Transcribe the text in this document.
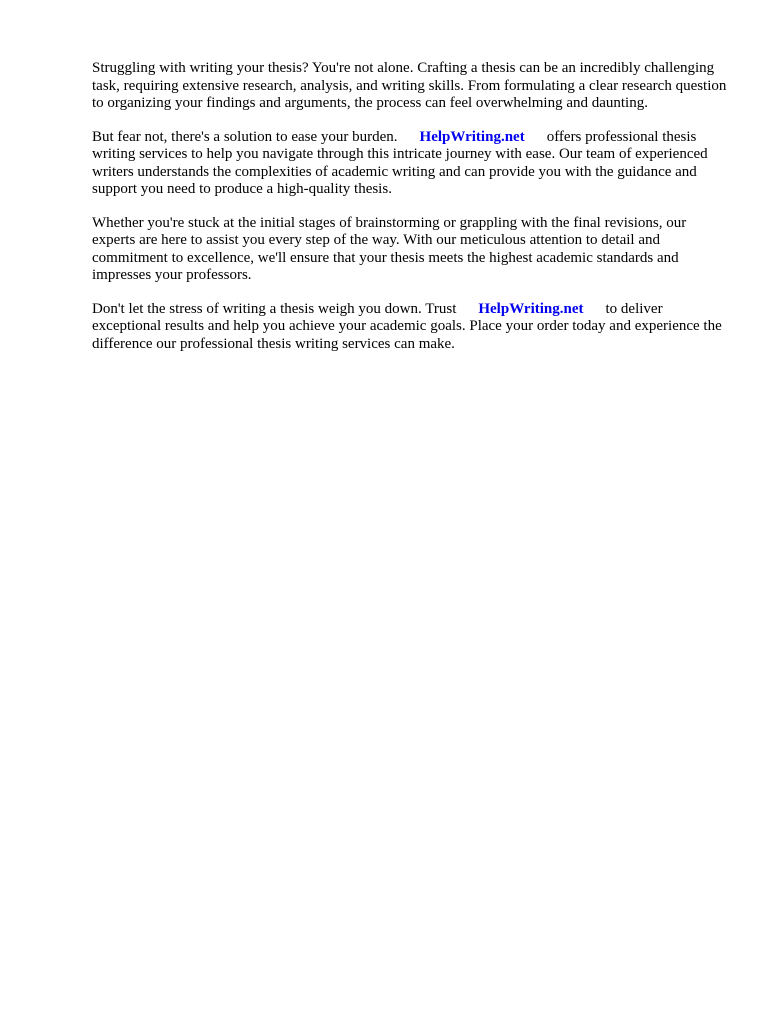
Struggling with writing your thesis? You're not alone. Crafting a thesis can be an incredibly challenging task, requiring extensive research, analysis, and writing skills. From formulating a clear research question to organizing your findings and arguments, the process can feel overwhelming and daunting.

But fear not, there's a solution to ease your burden. HelpWriting.net offers professional thesis writing services to help you navigate through this intricate journey with ease. Our team of experienced writers understands the complexities of academic writing and can provide you with the guidance and support you need to produce a high-quality thesis.

Whether you're stuck at the initial stages of brainstorming or grappling with the final revisions, our experts are here to assist you every step of the way. With our meticulous attention to detail and commitment to excellence, we'll ensure that your thesis meets the highest academic standards and impresses your professors.

Don't let the stress of writing a thesis weigh you down. Trust HelpWriting.net to deliver exceptional results and help you achieve your academic goals. Place your order today and experience the difference our professional thesis writing services can make.
